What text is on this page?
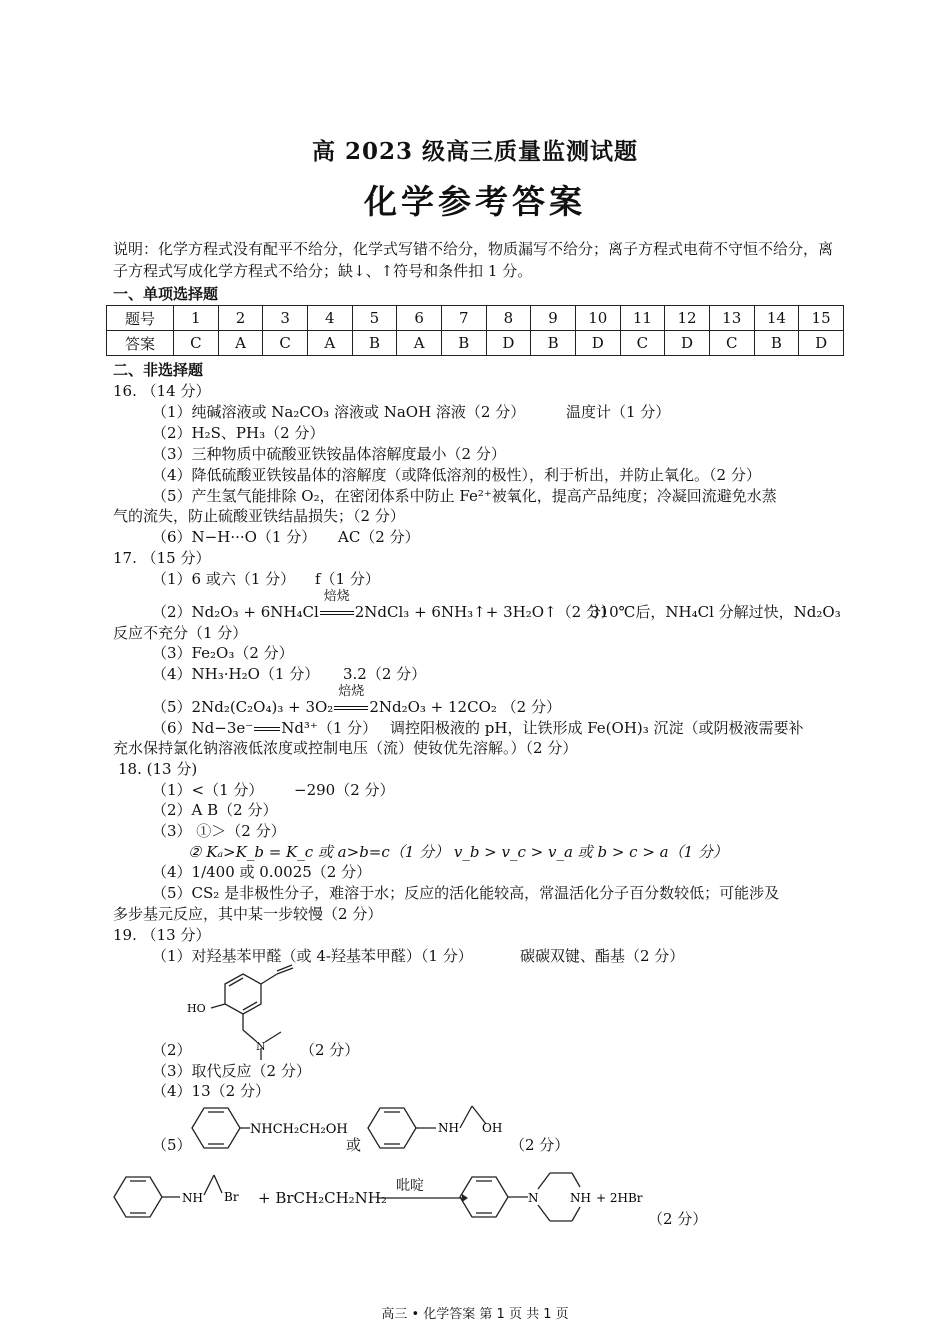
高 2023 级高三质量监测试题
化学参考答案
说明：化学方程式没有配平不给分，化学式写错不给分，物质漏写不给分；离子方程式电荷不守恒不给分，离子方程式写成化学方程式不给分；缺↓、↑符号和条件扣 1 分。
一、单项选择题
题号	1	2	3	4	5	6	7	8	9	10	11	12	13	14	15
答案	C	A	C	A	B	A	B	D	B	D	C	D	C	B	D
二、非选择题
16. （14 分）
（1）纯碱溶液或 Na₂CO₃ 溶液或 NaOH 溶液（2 分）	温度计（1 分）
（2）H₂S、PH₃（2 分）
（3）三种物质中硫酸亚铁铵晶体溶解度最小（2 分）
（4）降低硫酸亚铁铵晶体的溶解度（或降低溶剂的极性），利于析出，并防止氧化。（2 分）
（5）产生氢气能排除 O₂，在密闭体系中防止 Fe²⁺被氧化，提高产品纯度；冷凝回流避免水蒸
气的流失，防止硫酸亚铁结晶损失；（2 分）
（6）N−H···O（1 分） AC（2 分）
17. （15 分）
（1）6 或六（1 分） f（1 分）
（2）Nd₂O₃ + 6NH₄Cl
焙烧
2NdCl₃ + 6NH₃↑+ 3H₂O↑（2 分）
310℃后，NH₄Cl 分解过快，Nd₂O₃
反应不充分（1 分）
（3）Fe₂O₃（2 分）
（4）NH₃·H₂O（1 分） 3.2（2 分）
（5）2Nd₂(C₂O₄)₃ + 3O₂
焙烧
2Nd₂O₃ + 12CO₂ （2 分）
（6）Nd−3e⁻ Nd³⁺（1 分） 调控阳极液的 pH，让铁形成 Fe(OH)₃ 沉淀（或阴极液需要补
充水保持氯化钠溶液低浓度或控制电压（流）使钕优先溶解。）（2 分）
18. (13 分)
（1）<（1 分） −290（2 分）
（2）A B（2 分）
（3） ①＞（2 分）
② Kₐ>K_b = K_c 或 a>b=c（1 分） v_b > v_c > v_a 或 b > c > a（1 分）
（4）1/400 或 0.0025（2 分）
（5）CS₂ 是非极性分子，难溶于水；反应的活化能较高，常温活化分子百分数较低；可能涉及
多步基元反应，其中某一步较慢（2 分）
19. （13 分）
（1）对羟基苯甲醛（或 4-羟基苯甲醛）（1 分）	碳碳双键、酯基（2 分）
HO
N
（2）	（2 分）
（3）取代反应（2 分）
（4）13（2 分）
（5）
NHCH₂CH₂OH
或
NH OH
（2 分）
NH Br + BrCH₂CH₂NH₂
吡啶
N	NH + 2HBr
（2 分）
高三 • 化学答案 第 1 页 共 1 页
